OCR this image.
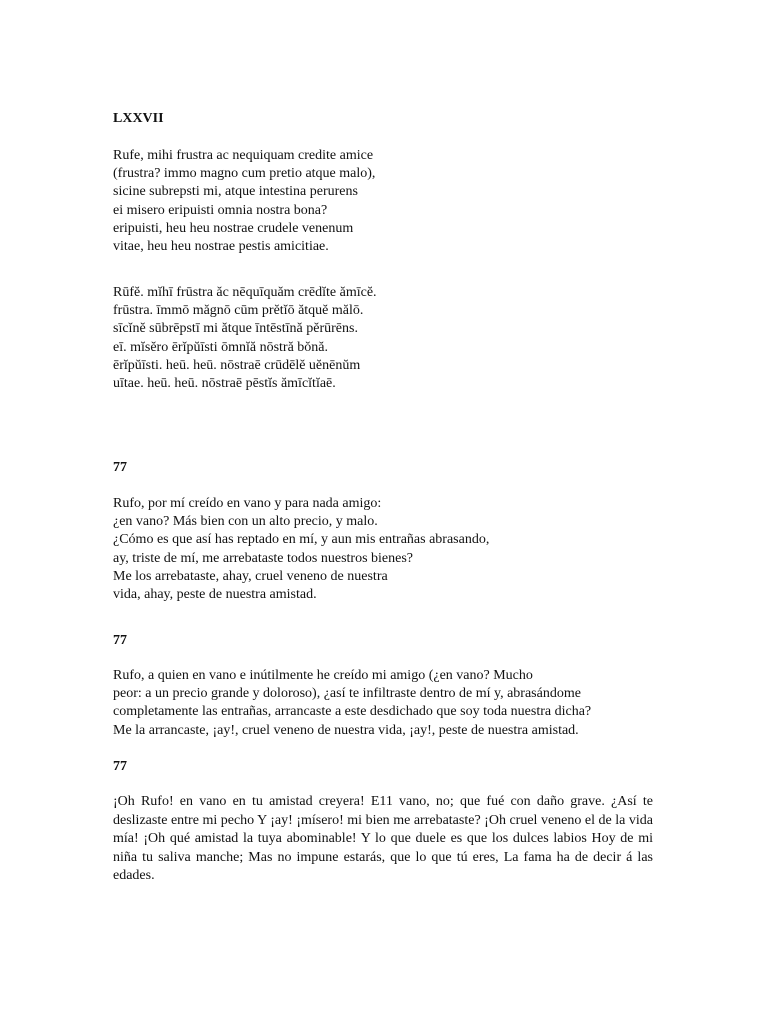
LXXVII
Rufe, mihi frustra ac nequiquam credite amice
(frustra? immo magno cum pretio atque malo),
sicine subrepsti mi, atque intestina perurens
ei misero eripuisti omnia nostra bona?
eripuisti, heu heu nostrae crudele venenum
vitae, heu heu nostrae pestis amicitiae.
Rūfĕ. mĭhī frūstra ăc nēquīquăm crēdĭte ămīcĕ.
frūstra. īmmō măgnō cūm prĕtĭō ătquĕ mălō.
sīcĭnĕ sūbrēpstī mi ătque īntēstīnă pĕrūrēns.
eī. mĭsĕro ērĭpŭīsti ōmnĭă nōstră bŏnă.
ērĭpŭīsti. heū. heū. nōstraē crūdēlĕ uĕnēnŭm
uītae. heū. heū. nōstraē pēstĭs ămīcĭtĭaē.
77
Rufo, por mí creído en vano y para nada amigo:
¿en vano? Más bien con un alto precio, y malo.
¿Cómo es que así has reptado en mí, y aun mis entrañas abrasando,
ay, triste de mí, me arrebataste todos nuestros bienes?
Me los arrebataste, ahay, cruel veneno de nuestra
vida, ahay, peste de nuestra amistad.
77
Rufo, a quien en vano e inútilmente he creído mi amigo (¿en vano? Mucho
peor: a un precio grande y doloroso), ¿así te infiltraste dentro de mí y, abrasándome
completamente las entrañas, arrancaste a este desdichado que soy toda nuestra dicha?
Me la arrancaste, ¡ay!, cruel veneno de nuestra vida, ¡ay!, peste de nuestra amistad.
77

¡Oh Rufo! en vano en tu amistad creyera! E11 vano, no; que fué con daño grave. ¿Así te deslizaste entre mi pecho Y ¡ay! ¡mísero! mi bien me arrebataste? ¡Oh cruel veneno el de la vida mía! ¡Oh qué amistad la tuya abominable! Y lo que duele es que los dulces labios Hoy de mi niña tu saliva manche; Mas no impune estarás, que lo que tú eres, La fama ha de decir á las edades.
